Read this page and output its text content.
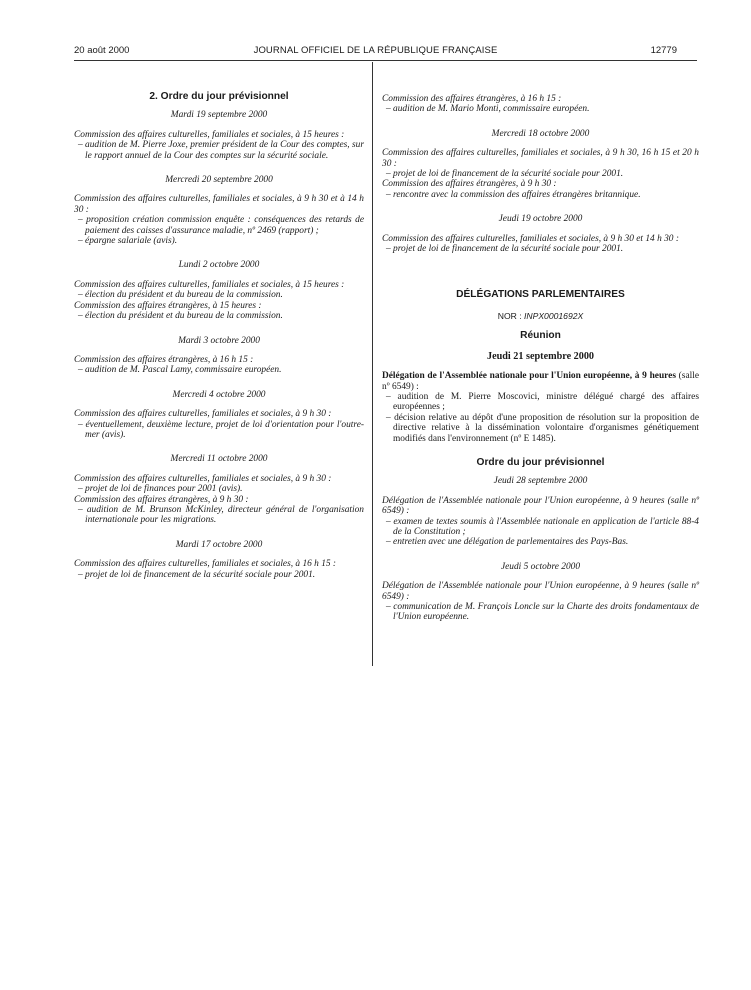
20 août 2000	JOURNAL OFFICIEL DE LA RÉPUBLIQUE FRANÇAISE	12779
2. Ordre du jour prévisionnel
Mardi 19 septembre 2000
Commission des affaires culturelles, familiales et sociales, à 15 heures :
– audition de M. Pierre Joxe, premier président de la Cour des comptes, sur le rapport annuel de la Cour des comptes sur la sécurité sociale.
Mercredi 20 septembre 2000
Commission des affaires culturelles, familiales et sociales, à 9 h 30 et à 14 h 30 :
– proposition création commission enquête : conséquences des retards de paiement des caisses d'assurance maladie, nº 2469 (rapport) ;
– épargne salariale (avis).
Lundi 2 octobre 2000
Commission des affaires culturelles, familiales et sociales, à 15 heures :
– élection du président et du bureau de la commission.
Commission des affaires étrangères, à 15 heures :
– élection du président et du bureau de la commission.
Mardi 3 octobre 2000
Commission des affaires étrangères, à 16 h 15 :
– audition de M. Pascal Lamy, commissaire européen.
Mercredi 4 octobre 2000
Commission des affaires culturelles, familiales et sociales, à 9 h 30 :
– éventuellement, deuxième lecture, projet de loi d'orientation pour l'outre-mer (avis).
Mercredi 11 octobre 2000
Commission des affaires culturelles, familiales et sociales, à 9 h 30 :
– projet de loi de finances pour 2001 (avis).
Commission des affaires étrangères, à 9 h 30 :
– audition de M. Brunson McKinley, directeur général de l'organisation internationale pour les migrations.
Mardi 17 octobre 2000
Commission des affaires culturelles, familiales et sociales, à 16 h 15 :
– projet de loi de financement de la sécurité sociale pour 2001.
Commission des affaires étrangères, à 16 h 15 :
– audition de M. Mario Monti, commissaire européen.
Mercredi 18 octobre 2000
Commission des affaires culturelles, familiales et sociales, à 9 h 30, 16 h 15 et 20 h 30 :
– projet de loi de financement de la sécurité sociale pour 2001.
Commission des affaires étrangères, à 9 h 30 :
– rencontre avec la commission des affaires étrangères britannique.
Jeudi 19 octobre 2000
Commission des affaires culturelles, familiales et sociales, à 9 h 30 et 14 h 30 :
– projet de loi de financement de la sécurité sociale pour 2001.
DÉLÉGATIONS PARLEMENTAIRES
NOR : INPX0001692X
Réunion
Jeudi 21 septembre 2000
Délégation de l'Assemblée nationale pour l'Union européenne, à 9 heures (salle nº 6549) :
– audition de M. Pierre Moscovici, ministre délégué chargé des affaires européennes ;
– décision relative au dépôt d'une proposition de résolution sur la proposition de directive relative à la dissémination volontaire d'organismes génétiquement modifiés dans l'environnement (nº E 1485).
Ordre du jour prévisionnel
Jeudi 28 septembre 2000
Délégation de l'Assemblée nationale pour l'Union européenne, à 9 heures (salle nº 6549) :
– examen de textes soumis à l'Assemblée nationale en application de l'article 88-4 de la Constitution ;
– entretien avec une délégation de parlementaires des Pays-Bas.
Jeudi 5 octobre 2000
Délégation de l'Assemblée nationale pour l'Union européenne, à 9 heures (salle nº 6549) :
– communication de M. François Loncle sur la Charte des droits fondamentaux de l'Union européenne.
